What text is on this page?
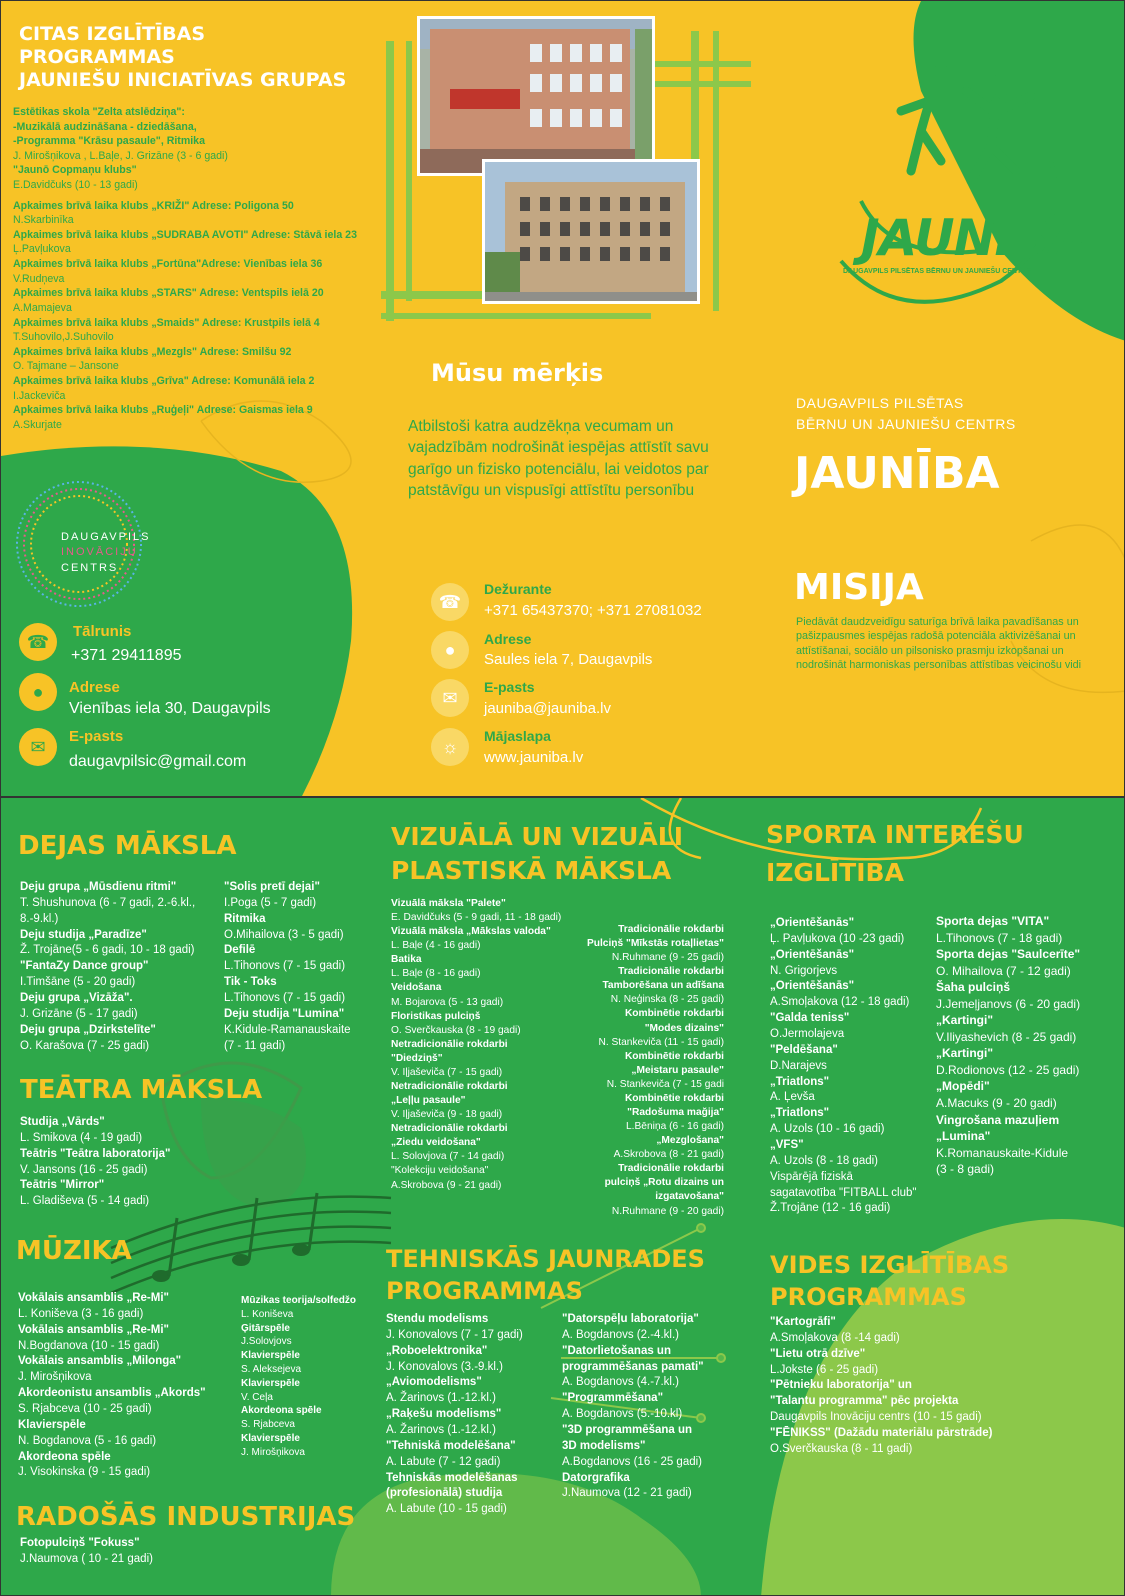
CITAS IZGLĪTĪBAS
PROGRAMMAS
JAUNIEŠU INICIATĪVAS GRUPAS
Estētikas skola "Zelta atslēdziņa":
-Muzikālā audzināšana - dziedāšana,
-Programma "Krāsu pasaule", Ritmika
J. Mirošņikova , L.Baļe, J. Grizāne (3 - 6 gadi)
"Jaunō Copmaņu klubs"
E.Davidčuks (10 - 13 gadi)
Apkaimes brīvā laika klubs „KRIŽI" Adrese: Poligona 50
N.Skarbinīka
Apkaimes brīvā laika klubs „SUDRABA AVOTI" Adrese: Stāvā iela 23
Ļ.Pavļukova
Apkaimes brīvā laika klubs „Fortūna"Adrese: Vienības iela 36
V.Rudņeva
Apkaimes brīvā laika klubs „STARS" Adrese: Ventspils ielā 20
A.Mamajeva
Apkaimes brīvā laika klubs „Smaids" Adrese: Krustpils ielā 4
T.Suhovilo,J.Suhovilo
Apkaimes brīvā laika klubs „Mezgls" Adrese: Smilšu 92
O. Tajmane – Jansone
Apkaimes brīvā laika klubs „Grīva" Adrese: Komunālā iela 2
I.Jackeviča
Apkaimes brīvā laika klubs „Ruģeļi" Adrese: Gaismas iela 9
A.Skurjate
DAUGAVPILS
INOVĀCIJU
CENTRS
☎	Tālrunis
+371 29411895
●	Adrese
Vienības iela 30, Daugavpils
✉	E-pasts
daugavpilsic@gmail.com
Mūsu mērķis
Atbilstoši katra audzēkņa vecumam un vajadzībām nodrošināt iespējas attīstīt savu garīgo un fizisko potenciālu, lai veidotos par patstāvīgu un vispusīgi attīstītu personību
☎
Dežurante
+371 65437370; +371 27081032
●
Adrese
Saules iela 7, Daugavpils
✉
E-pasts
jauniba@jauniba.lv
☼
Mājaslapa
www.jauniba.lv
JAUNĪBA
DAUGAVPILS PILSĒTAS BĒRNU UN JAUNIEŠU CENTRS
DAUGAVPILS PILSĒTAS
BĒRNU UN JAUNIEŠU CENTRS
JAUNĪBA
MISIJA
Piedāvāt daudzveidīgu saturīga brīvā laika pavadīšanas un pašizpausmes iespējas radošā potenciāla aktivizēšanai un attīstīšanai, sociālo un pilsonisko prasmju izkopšanai un nodrošināt harmoniskas personības attīstības veicinošu vidi
DEJAS MĀKSLA
Deju grupa „Mūsdienu ritmi"
T. Shushunova (6 - 7 gadi, 2.-6.kl., 8.-9.kl.)
Deju studija „Paradīze"
Ž. Trojāne(5 - 6 gadi, 10 - 18 gadi)
"FantaZy Dance group"
I.Timšāne (5 - 20 gadi)
Deju grupa „Vizāža".
J. Grizāne (5 - 17 gadi)
Deju grupa „Dzirkstelīte"
O. Karašova (7 - 25 gadi)
"Solis pretī dejai"
I.Poga (5 - 7 gadi)
Ritmika
O.Mihailova (3 - 5 gadi)
Defilē
L.Tihonovs (7 - 15 gadi)
Tik - Toks
L.Tihonovs (7 - 15 gadi)
Deju studija "Lumina"
K.Kidule-Ramanauskaite
(7 - 11 gadi)
TEĀTRA MĀKSLA
Studija „Vārds"
L. Smikova (4 - 19 gadi)
Teātris "Teātra laboratorija"
V. Jansons (16 - 25 gadi)
Teātris "Mirror"
L. Gladiševa (5 - 14 gadi)
MŪZIKA
Vokālais ansamblis „Re-Mi"
L. Koniševa (3 - 16 gadi)
Vokālais ansamblis „Re-Mi"
N.Bogdanova (10 - 15 gadi)
Vokālais ansamblis „Milonga"
J. Mirošņikova
Akordeonistu ansamblis „Akords"
S. Rjabceva (10 - 25 gadi)
Klavierspēle
N. Bogdanova (5 - 16 gadi)
Akordeona spēle
J. Visokinska (9 - 15 gadi)
Mūzikas teorija/solfedžo
L. Koniševa
Ģitārspēle
J.Solovjovs
Klavierspēle
S. Aleksejeva
Klavierspēle
V. Ceļa
Akordeona spēle
S. Rjabceva
Klavierspēle
J. Mirošņikova
RADOŠĀS INDUSTRIJAS
Fotopulciņš "Fokuss"
J.Naumova ( 10 - 21 gadi)
VIZUĀLĀ UN VIZUĀLI
PLASTISKĀ MĀKSLA
Vizuālā māksla "Palete"
E. Davidčuks (5 - 9 gadi, 11 - 18 gadi)
Vizuālā māksla „Mākslas valoda"
L. Baļe (4 - 16 gadi)
Batika
L. Baļe (8 - 16 gadi)
Veidošana
M. Bojarova (5 - 13 gadi)
Floristikas pulciņš
O. Sverčkauska (8 - 19 gadi)
Netradicionālie rokdarbi
"Diedziņš"
V. Iļjaševiča (7 - 15 gadi)
Netradicionālie rokdarbi
„Leļļu pasaule"
V. Iļjaševiča (9 - 18 gadi)
Netradicionālie rokdarbi
„Ziedu veidošana"
L. Solovjova (7 - 14 gadi)
"Kolekciju veidošana"
A.Skrobova (9 - 21 gadi)
Tradicionālie rokdarbi
Pulciņš "Mīkstās rotaļlietas"
N.Ruhmane (9 - 25 gadi)
Tradicionālie rokdarbi
Tamborēšana un adīšana
N. Neģinska (8 - 25 gadi)
Kombinētie rokdarbi
"Modes dizains"
N. Stankeviča (11 - 15 gadi)
Kombinētie rokdarbi
„Meistaru pasaule"
N. Stankeviča (7 - 15 gadi
Kombinētie rokdarbi
"Radošuma mağija"
L.Bēniņa (6 - 16 gadi)
„Mezglošana"
A.Skrobova (8 - 21 gadi)
Tradicionālie rokdarbi
pulciņš „Rotu dizains un
izgatavošana"
N.Ruhmane (9 - 20 gadi)
TEHNISKĀS JAUNRADES
PROGRAMMAS
Stendu modelisms
J. Konovalovs (7 - 17 gadi)
„Roboelektronika"
J. Konovalovs (3.-9.kl.)
„Aviomodelisms"
A. Žarinovs (1.-12.kl.)
„Raķešu modelisms"
A. Žarinovs (1.-12.kl.)
"Tehniskā modelēšana"
A. Labute (7 - 12 gadi)
Tehniskās modelēšanas
(profesionālā) studija
A. Labute (10 - 15 gadi)
"Datorspēļu laboratorija"
A. Bogdanovs (2.-4.kl.)
"Datorlietošanas un
programmēšanas pamati"
A. Bogdanovs (4.-7.kl.)
"Programmēšana"
A. Bogdanovs (5.-10.kl)
"3D programmēšana un
3D modelisms"
A.Bogdanovs (16 - 25 gadi)
Datorgrafika
J.Naumova (12 - 21 gadi)
SPORTA INTEREŠU
IZGLĪTĪBA
„Orientēšanās"
Ļ. Pavļukova (10 -23 gadi)
„Orientēšanās"
N. Grigorjevs
„Orientēšanās"
A.Smoļakova (12 - 18 gadi)
"Galda teniss"
O.Jermolajeva
"Peldēšana"
D.Narajevs
„Triatlons"
A. Ļevša
„Triatlons"
A. Uzols (10 - 16 gadi)
„VFS"
A. Uzols (8 - 18 gadi)
Vispārējā fiziskā
sagatavotība "FITBALL club"
Ž.Trojāne (12 - 16 gadi)
Sporta dejas "VITA"
L.Tihonovs (7 - 18 gadi)
Sporta dejas "Saulcerīte"
O. Mihailova (7 - 12 gadi)
Šaha pulciņš
J.Jemeļjanovs (6 - 20 gadi)
„Kartingi"
V.Iliyashevich (8 - 25 gadi)
„Kartingi"
D.Rodionovs (12 - 25 gadi)
„Mopēdi"
A.Macuks (9 - 20 gadi)
Vingrošana mazuļiem
„Lumina"
K.Romanauskaite-Kidule
(3 - 8 gadi)
VIDES IZGLĪTĪBAS
PROGRAMMAS
"Kartogrāfi"
A.Smoļakova (8 -14 gadi)
"Lietu otrā dzīve"
L.Jokste (6 - 25 gadi)
"Pētnieku laboratorija" un
"Talantu programma" pēc projekta
Daugavpils Inovāciju centrs (10 - 15 gadi)
"FĒNIKSS" (Dažādu materiālu pārstrāde)
O.Sverčkauska (8 - 11 gadi)
